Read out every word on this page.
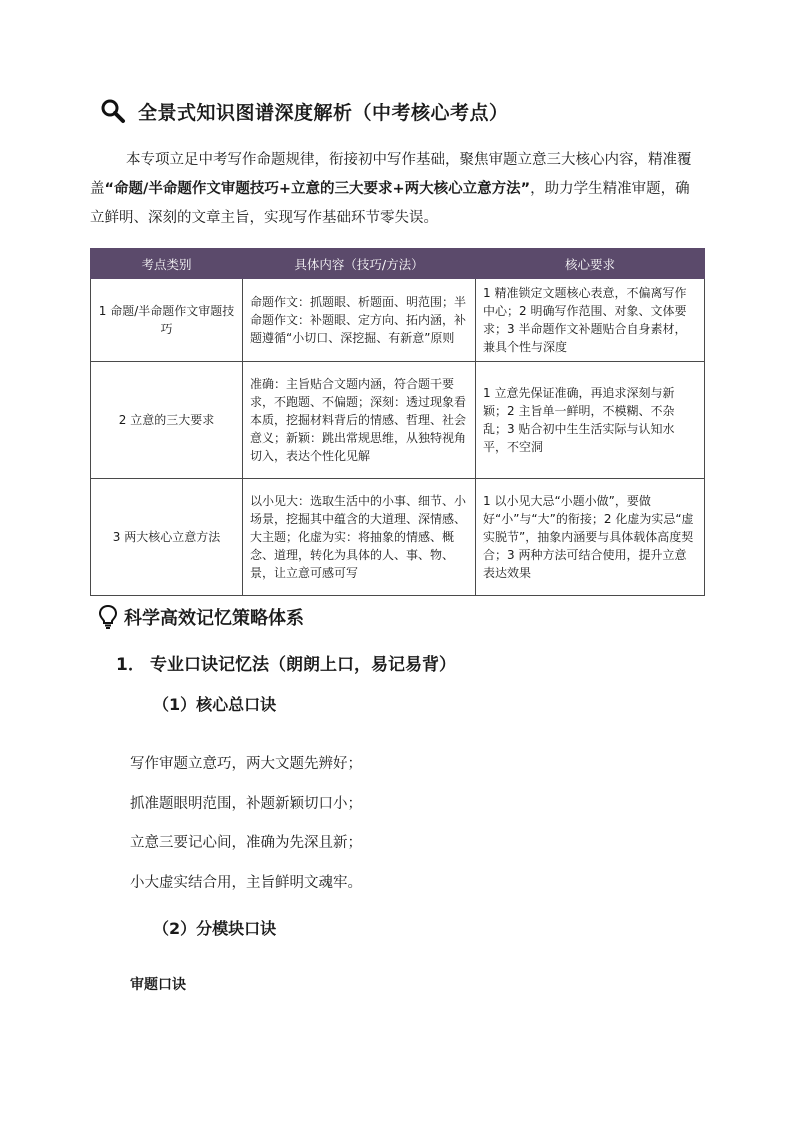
全景式知识图谱深度解析（中考核心考点）

本专项立足中考写作命题规律，衔接初中写作基础，聚焦审题立意三大核心内容，精准覆盖“命题/半命题作文审题技巧+立意的三大要求+两大核心立意方法”，助力学生精准审题，确立鲜明、深刻的文章主旨，实现写作基础环节零失误。

考点类别	具体内容（技巧/方法）	核心要求
1 命题/半命题作文审题技巧	命题作文：抓题眼、析题面、明范围；半命题作文：补题眼、定方向、拓内涵，补题遵循“小切口、深挖掘、有新意”原则	1 精准锁定文题核心表意，不偏离写作中心；2 明确写作范围、对象、文体要求；3 半命题作文补题贴合自身素材，兼具个性与深度
2 立意的三大要求	准确：主旨贴合文题内涵，符合题干要求，不跑题、不偏题；深刻：透过现象看本质，挖掘材料背后的情感、哲理、社会意义；新颖：跳出常规思维，从独特视角切入，表达个性化见解	1 立意先保证准确，再追求深刻与新颖；2 主旨单一鲜明，不模糊、不杂乱；3 贴合初中生生活实际与认知水平，不空洞
3 两大核心立意方法	以小见大：选取生活中的小事、细节、小场景，挖掘其中蕴含的大道理、深情感、大主题；化虚为实：将抽象的情感、概念、道理，转化为具体的人、事、物、景，让立意可感可写	1 以小见大忌“小题小做”，要做好“小”与“大”的衔接；2 化虚为实忌“虚实脱节”，抽象内涵要与具体载体高度契合；3 两种方法可结合使用，提升立意表达效果
科学高效记忆策略体系
1． 专业口诀记忆法（朗朗上口，易记易背）
（1）核心总口诀
写作审题立意巧，两大文题先辨好；
抓准题眼明范围，补题新颖切口小；
立意三要记心间，准确为先深且新；
小大虚实结合用，主旨鲜明文魂牢。
（2）分模块口诀
审题口诀
